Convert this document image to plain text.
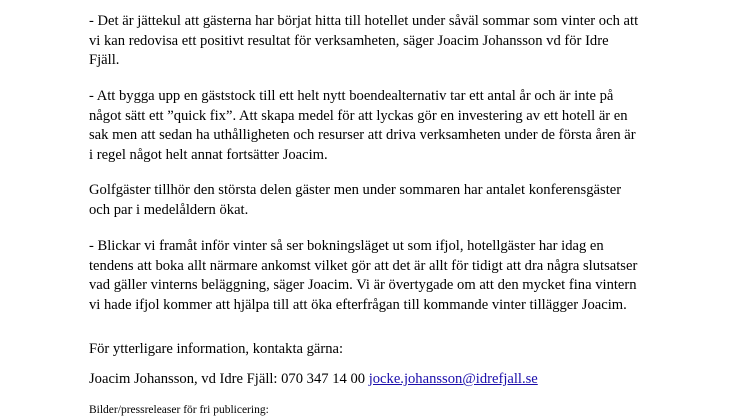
- Det är jättekul att gästerna har börjat hitta till hotellet under såväl sommar som vinter och att
vi kan redovisa ett positivt resultat för verksamheten, säger Joacim Johansson vd för Idre
Fjäll.

- Att bygga upp en gäststock till ett helt nytt boendealternativ tar ett antal år och är inte på
något sätt ett ”quick fix”. Att skapa medel för att lyckas gör en investering av ett hotell är en
sak men att sedan ha uthålligheten och resurser att driva verksamheten under de första åren är
i regel något helt annat fortsätter Joacim.

Golfgäster tillhör den största delen gäster men under sommaren har antalet konferensgäster
och par i medelåldern ökat.

- Blickar vi framåt inför vinter så ser bokningsläget ut som ifjol, hotellgäster har idag en
tendens att boka allt närmare ankomst vilket gör att det är allt för tidigt att dra några slutsatser
vad gäller vinterns beläggning, säger Joacim. Vi är övertygade om att den mycket fina vintern
vi hade ifjol kommer att hjälpa till att öka efterfrågan till kommande vinter tillägger Joacim.

För ytterligare information, kontakta gärna:

Joacim Johansson, vd Idre Fjäll: 070 347 14 00 jocke.johansson@idrefjall.se

Bilder/pressreleaser för fri publicering:
